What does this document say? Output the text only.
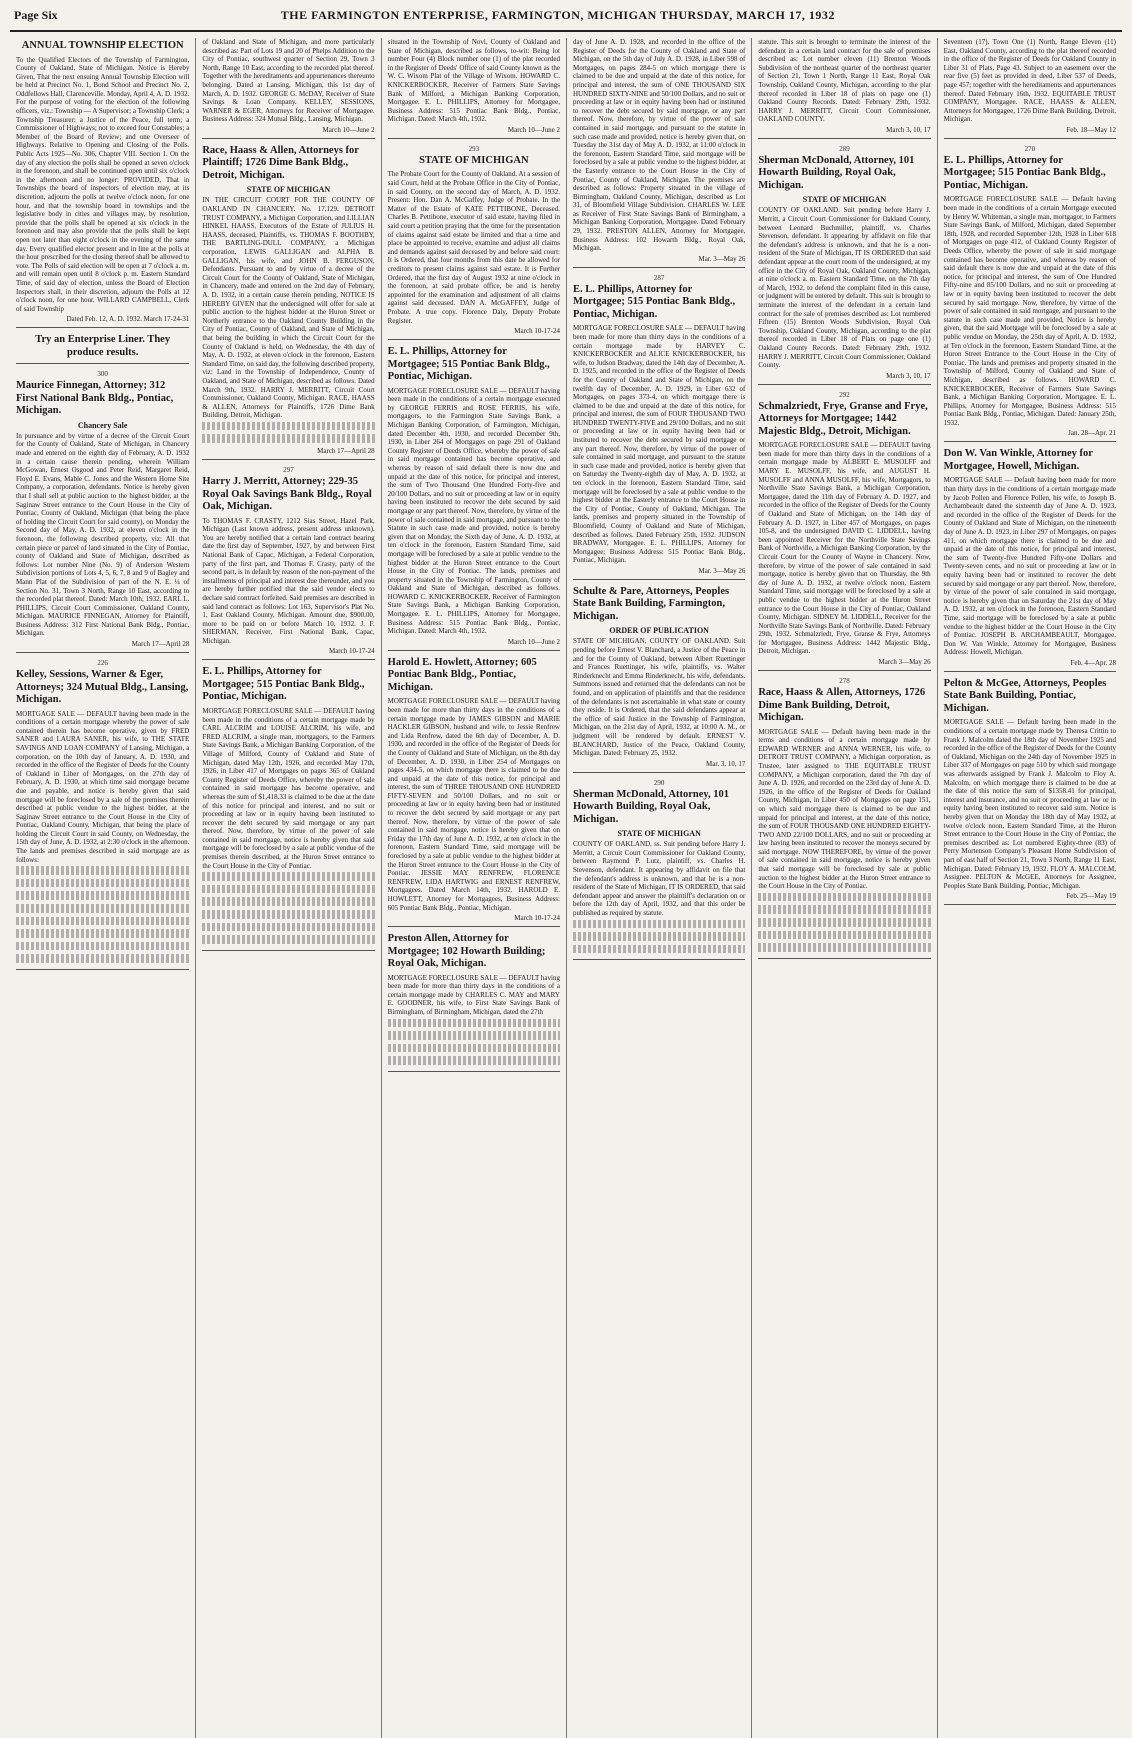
Page Six	THE FARMINGTON ENTERPRISE, FARMINGTON, MICHIGAN THURSDAY, MARCH 17, 1932
ANNUAL TOWNSHIP ELECTION
To the Qualified Electors of the Township of Farmington, County of Oakland, State of Michigan. Notice is Hereby Given, That the next ensuing Annual Township Election will be held at Precinct No. 1, Bond School and Precinct No. 2, Oddfellows Hall, Clarenceville. Monday, April 4, A. D. 1932. For the purpose of voting for the election of the following officers, viz.: Township — A Supervisor; a Township Clerk; a Township Treasurer; a Justice of the Peace, full term; a Commissioner of Highways; not to exceed four Constables; a Member of the Board of Review; and one Overseer of Highways. Relative to Opening and Closing of the Polls. Public Acts 1925—No. 306, Chapter VIII. Section 1. On the day of any election the polls shall be opened at seven o'clock in the forenoon, and shall be continued open until six o'clock in the afternoon and no longer: PROVIDED, That in Townships the board of inspectors of election may, at its discretion, adjourn the polls at twelve o'clock noon, for one hour, and that the township board in townships and the legislative body in cities and villages may, by resolution, provide that the polls shall be opened at six o'clock in the forenoon and may also provide that the polls shall be kept open not later than eight o'clock in the evening of the same day. Every qualified elector present and in line at the polls at the hour prescribed for the closing thereof shall be allowed to vote. The Polls of said election will be open at 7 o'clock a. m. and will remain open until 8 o'clock p. m. Eastern Standard Time, of said day of election, unless the Board of Election Inspectors shall, in their discretion, adjourn the Polls at 12 o'clock noon, for one hour. WILLARD CAMPBELL, Clerk of said Township
Dated Feb. 12, A. D. 1932. March 17-24-31
Try an Enterprise Liner. They produce results.
300
Maurice Finnegan, Attorney; 312 First National Bank Bldg., Pontiac, Michigan.
Chancery Sale
In pursuance and by virtue of a decree of the Circuit Court for the County of Oakland, State of Michigan, in Chancery made and entered on the eighth day of February, A. D. 1932 in a certain cause therein pending, wherein William McGowan, Ernest Osgood and Peter Reid, Margaret Reid, Floyd E. Evans, Mable C. Jones and the Western Home Site Company, a corporation, defendants. Notice is hereby given that I shall sell at public auction to the highest bidder, at the Saginaw Street entrance to the Court House in the City of Pontiac, County of Oakland, Michigan (that being the place of holding the Circuit Court for said county), on Monday the Second day of May, A. D. 1932, at eleven o'clock in the forenoon, the following described property, viz: All that certain piece or parcel of land situated in the City of Pontiac, county of Oakland and State of Michigan, described as follows: Lot number Nine (No. 9) of Anderson Western Subdivision portions of Lots 4, 5, 6, 7, 8 and 9 of Bagley and Mann Plat of the Subdivision of part of the N. E. ¼ of Section No. 31, Town 3 North, Range 10 East, according to the recorded plat thereof. Dated: March 10th, 1932. EARL L. PHILLIPS, Circuit Court Commissioner, Oakland County, Michigan. MAURICE FINNEGAN, Attorney for Plaintiff, Business Address: 312 First National Bank Bldg., Pontiac, Michigan.
March 17—April 28
226
Kelley, Sessions, Warner & Eger, Attorneys; 324 Mutual Bldg., Lansing, Michigan.
MORTGAGE SALE — DEFAULT having been made in the conditions of a certain mortgage whereby the power of sale contained therein has become operative, given by FRED SANER and LAURA SANER, his wife, to THE STATE SAVINGS AND LOAN COMPANY of Lansing, Michigan, a corporation, on the 10th day of January, A. D. 1930, and recorded in the office of the Register of Deeds for the County of Oakland in Liber of Mortgages, on the 27th day of February, A. D. 1930, at which time said mortgage became due and payable, and notice is hereby given that said mortgage will be foreclosed by a sale of the premises therein described at public vendue to the highest bidder, at the Saginaw Street entrance to the Court House in the City of Pontiac, Oakland County, Michigan, that being the place of holding the Circuit Court in said County, on Wednesday, the 15th day of June, A. D. 1932, at 2:30 o'clock in the afternoon. The lands and premises described in said mortgage are as follows:
of Oakland and State of Michigan, and more particularly described as: Part of Lots 19 and 20 of Phelps Addition to the City of Pontiac, southwest quarter of Section 29, Town 3 North, Range 10 East, according to the recorded plat thereof. Together with the hereditaments and appurtenances thereunto belonging. Dated at Lansing, Michigan, this 1st day of March, A. D. 1932. GEORGE G. McDAY, Receiver of State Savings & Loan Company. KELLEY, SESSIONS, WARNER & EGER, Attorneys for Receiver of Mortgagee. Business Address: 324 Mutual Bldg., Lansing, Michigan.
March 10—June 2
Race, Haass & Allen, Attorneys for Plaintiff; 1726 Dime Bank Bldg., Detroit, Michigan.
STATE OF MICHIGAN
IN THE CIRCUIT COURT FOR THE COUNTY OF OAKLAND IN CHANCERY. No. 17,129. DETROIT TRUST COMPANY, a Michigan Corporation, and LILLIAN HINKEL HAASS, Executors of the Estate of JULIUS H. HAASS, deceased, Plaintiffs, vs. THOMAS F. BOOTHBY, THE BARTLING-DULL COMPANY, a Michigan corporation, LEWIS GALLIGAN and ALPHA B. GALLIGAN, his wife, and JOHN B. FERGUSON, Defendants. Pursuant to and by virtue of a decree of the Circuit Court for the County of Oakland, State of Michigan, in Chancery, made and entered on the 2nd day of February, A. D. 1932, in a certain cause therein pending, NOTICE IS HEREBY GIVEN that the undersigned will offer for sale at public auction to the highest bidder at the Huron Street or Northerly entrance to the Oakland County Building in the City of Pontiac, County of Oakland, and State of Michigan, that being the building in which the Circuit Court for the County of Oakland is held, on Wednesday, the 4th day of May, A. D. 1932, at eleven o'clock in the forenoon, Eastern Standard Time, on said day, the following described property, viz: Land in the Township of Independence, County of Oakland, and State of Michigan, described as follows. Dated March 9th, 1932. HARRY J. MERRITT, Circuit Court Commissioner, Oakland County, Michigan. RACE, HAASS & ALLEN, Attorneys for Plaintiffs, 1726 Dime Bank Building, Detroit, Michigan.
March 17—April 28
297
Harry J. Merritt, Attorney; 229-35 Royal Oak Savings Bank Bldg., Royal Oak, Michigan.
To THOMAS F. CRASTY, 1212 Sias Street, Hazel Park, Michigan (Last known address, present address unknown). You are hereby notified that a certain land contract bearing date the first day of September, 1927, by and between First National Bank of Capac, Michigan, a Federal Corporation, party of the first part, and Thomas F. Crasty, party of the second part, is in default by reason of the non-payment of the installments of principal and interest due thereunder, and you are hereby further notified that the said vendor elects to declare said contract forfeited. Said premises are described in said land contract as follows: Lot 163, Supervisor's Plat No. 1, East Oakland County, Michigan. Amount due, $900.00, more to be paid on or before March 10, 1932. J. F. SHERMAN, Receiver, First National Bank, Capac, Michigan.
March 10-17-24
E. L. Phillips, Attorney for Mortgagee; 515 Pontiac Bank Bldg., Pontiac, Michigan.
MORTGAGE FORECLOSURE SALE — DEFAULT having been made in the conditions of a certain mortgage made by CARL ALCRIM and LOUISE ALCRIM, his wife, and FRED ALCRIM, a single man, mortgagors, to the Farmers State Savings Bank, a Michigan Banking Corporation, of the Village of Milford, County of Oakland and State of Michigan, dated May 12th, 1926, and recorded May 17th, 1926, in Liber 417 of Mortgages on pages 365 of Oakland County Register of Deeds Office, whereby the power of sale contained in said mortgage has become operative, and whereas the sum of $1,418.33 is claimed to be due at the date of this notice for principal and interest, and no suit or proceeding at law or in equity having been instituted to recover the debt secured by said mortgage or any part thereof. Now, therefore, by virtue of the power of sale contained in said mortgage, notice is hereby given that said mortgage will be foreclosed by a sale at public vendue of the premises therein described, at the Huron Street entrance to the Court House in the City of Pontiac.
situated in the Township of Novi, County of Oakland and State of Michigan, described as follows, to-wit: Being lot number Four (4) Block number one (1) of the plat recorded in the Register of Deeds' Office of said County known as the W. C. Wixom Plat of the Village of Wixom. HOWARD C. KNICKERBOCKER, Receiver of Farmers State Savings Bank of Milford, a Michigan Banking Corporation, Mortgagee. E. L. PHILLIPS, Attorney for Mortgagee, Business Address: 515 Pontiac Bank Bldg., Pontiac, Michigan. Dated: March 4th, 1932.
March 10—June 2
293
STATE OF MICHIGAN
The Probate Court for the County of Oakland. At a session of said Court, held at the Probate Office in the City of Pontiac, in said County, on the second day of March, A. D. 1932. Present: Hon. Dan A. McGaffey, Judge of Probate. In the Matter of the Estate of KATE PETTIBONE, Deceased. Charles B. Pettibone, executor of said estate, having filed in said court a petition praying that the time for the presentation of claims against said estate be limited and that a time and place be appointed to receive, examine and adjust all claims and demands against said deceased by and before said court: It is Ordered, that four months from this date be allowed for creditors to present claims against said estate. It is Further Ordered, that the first day of August 1932 at nine o'clock in the forenoon, at said probate office, be and is hereby appointed for the examination and adjustment of all claims against said deceased. DAN A. McGAFFEY, Judge of Probate. A true copy. Florence Daly, Deputy Probate Register.
March 10-17-24
E. L. Phillips, Attorney for Mortgagee; 515 Pontiac Bank Bldg., Pontiac, Michigan.
MORTGAGE FORECLOSURE SALE — DEFAULT having been made in the conditions of a certain mortgage executed by GEORGE FERRIS and ROSE FERRIS, his wife, mortgagors, to the Farmington State Savings Bank, a Michigan Banking Corporation, of Farmington, Michigan, dated December 4th, 1930, and recorded December 9th, 1930, in Liber 264 of Mortgages on page 291 of Oakland County Register of Deeds Office, whereby the power of sale in said mortgage contained has become operative, and whereas by reason of said default there is now due and unpaid at the date of this notice, for principal and interest, the sum of Two Thousand One Hundred Forty-five and 20/100 Dollars, and no suit or proceeding at law or in equity having been instituted to recover the debt secured by said mortgage or any part thereof. Now, therefore, by virtue of the power of sale contained in said mortgage, and pursuant to the Statute in such case made and provided, notice is hereby given that on Monday, the Sixth day of June, A. D. 1932, at ten o'clock in the forenoon, Eastern Standard Time, said mortgage will be foreclosed by a sale at public vendue to the highest bidder at the Huron Street entrance to the Court House in the City of Pontiac. The lands, premises and property situated in the Township of Farmington, County of Oakland and State of Michigan, described as follows. HOWARD C. KNICKERBOCKER, Receiver of Farmington State Savings Bank, a Michigan Banking Corporation, Mortgagee. E. L. PHILLIPS, Attorney for Mortgagee, Business Address: 515 Pontiac Bank Bldg., Pontiac, Michigan. Dated: March 4th, 1932.
March 10—June 2
Harold E. Howlett, Attorney; 605 Pontiac Bank Bldg., Pontiac, Michigan.
MORTGAGE FORECLOSURE SALE — DEFAULT having been made for more than thirty days in the conditions of a certain mortgage made by JAMES GIBSON and MARIE HACKLER GIBSON, husband and wife, to Jessie Renfrew and Lida Renfrew, dated the 6th day of December, A. D. 1930, and recorded in the office of the Register of Deeds for the County of Oakland and State of Michigan, on the 8th day of December, A. D. 1930, in Liber 254 of Mortgages on pages 434-5, on which mortgage there is claimed to be due and unpaid at the date of this notice, for principal and interest, the sum of THREE THOUSAND ONE HUNDRED FIFTY-SEVEN and 50/100 Dollars, and no suit or proceeding at law or in equity having been had or instituted to recover the debt secured by said mortgage or any part thereof. Now, therefore, by virtue of the power of sale contained in said mortgage, notice is hereby given that on Friday the 17th day of June A. D. 1932, at ten o'clock in the forenoon, Eastern Standard Time, said mortgage will be foreclosed by a sale at public vendue to the highest bidder at the Huron Street entrance to the Court House in the City of Pontiac. JESSIE MAY RENFREW, FLORENCE RENFREW, LIDA HARTWIG and ERNEST RENFREW, Mortgagees. Dated March 14th, 1932. HAROLD E. HOWLETT, Attorney for Mortgagees, Business Address: 605 Pontiac Bank Bldg., Pontiac, Michigan.
March 10-17-24
Preston Allen, Attorney for Mortgagee; 102 Howarth Building; Royal Oak, Michigan.
MORTGAGE FORECLOSURE SALE — DEFAULT having been made for more than thirty days in the conditions of a certain mortgage made by CHARLES C. MAY and MARY E. GOODNER, his wife, to First State Savings Bank of Birmingham, of Birmingham, Michigan, dated the 27th
day of June A. D. 1928, and recorded in the office of the Register of Deeds for the County of Oakland and State of Michigan, on the 5th day of July A. D. 1928, in Liber 598 of Mortgages, on pages 284-5 on which mortgage there is claimed to be due and unpaid at the date of this notice, for principal and interest, the sum of ONE THOUSAND SIX HUNDRED SIXTY-NINE and 50/100 Dollars, and no suit or proceeding at law or in equity having been had or instituted to recover the debt secured by said mortgage, or any part thereof. Now, therefore, by virtue of the power of sale contained in said mortgage, and pursuant to the statute in such case made and provided, notice is hereby given that, on Tuesday the 31st day of May A. D. 1932, at 11:00 o'clock in the forenoon, Eastern Standard Time, said mortgage will be foreclosed by a sale at public vendue to the highest bidder, at the Easterly entrance to the Court House in the City of Pontiac, County of Oakland, Michigan. The premises are described as follows: Property situated in the village of Birmingham, Oakland County, Michigan, described as Lot 31, of Bloomfield Village Subdivision. CHARLES W. LEE as Receiver of First State Savings Bank of Birmingham, a Michigan Banking Corporation, Mortgagee. Dated February 29, 1932. PRESTON ALLEN, Attorney for Mortgagee, Business Address: 102 Howarth Bldg., Royal Oak, Michigan.
Mar. 3—May 26
287
E. L. Phillips, Attorney for Mortgagee; 515 Pontiac Bank Bldg., Pontiac, Michigan.
MORTGAGE FORECLOSURE SALE — DEFAULT having been made for more than thirty days in the conditions of a certain mortgage made by HARVEY C. KNICKERBOCKER and ALICE KNICKERBOCKER, his wife, to Judson Bradway, dated the 14th day of December, A. D. 1925, and recorded in the office of the Register of Deeds for the County of Oakland and State of Michigan, on the twelfth day of December, A. D. 1929, in Liber 632 of Mortgages, on pages 373-4, on which mortgage there is claimed to be due and unpaid at the date of this notice, for principal and interest, the sum of FOUR THOUSAND TWO HUNDRED TWENTY-FIVE and 29/100 Dollars, and no suit or proceeding at law or in equity having been had or instituted to recover the debt secured by said mortgage or any part thereof. Now, therefore, by virtue of the power of sale contained in said mortgage, and pursuant to the statute in such case made and provided, notice is hereby given that on Saturday the Twenty-eighth day of May, A. D. 1932, at ten o'clock in the forenoon, Eastern Standard Time, said mortgage will be foreclosed by a sale at public vendue to the highest bidder at the Easterly entrance to the Court House in the City of Pontiac, County of Oakland, Michigan. The lands, premises and property situated in the Township of Bloomfield, County of Oakland and State of Michigan, described as follows. Dated February 25th, 1932. JUDSON BRADWAY, Mortgagee. E. L. PHILLIPS, Attorney for Mortgagee; Business Address: 515 Pontiac Bank Bldg., Pontiac, Michigan.
Mar. 3—May 26
Schulte & Pare, Attorneys, Peoples State Bank Building, Farmington, Michigan.
ORDER OF PUBLICATION
STATE OF MICHIGAN, COUNTY OF OAKLAND. Suit pending before Ernest V. Blanchard, a Justice of the Peace in and for the County of Oakland, between Albert Ruettinger and Frances Ruettinger, his wife, plaintiffs, vs. Walter Rinderknecht and Emma Rinderknecht, his wife, defendants. Summons issued and returned that the defendants can not be found, and on application of plaintiffs and that the residence of the defendants is not ascertainable in what state or county they reside. It is Ordered, that the said defendants appear at the office of said Justice in the Township of Farmington, Michigan, on the 21st day of April, 1932, at 10:00 A. M., or judgment will be rendered by default. ERNEST V. BLANCHARD, Justice of the Peace, Oakland County, Michigan. Dated: February 25, 1932.
Mar. 3, 10, 17
290
Sherman McDonald, Attorney, 101 Howarth Building, Royal Oak, Michigan.
STATE OF MICHIGAN
COUNTY OF OAKLAND, ss. Suit pending before Harry J. Merritt, a Circuit Court Commissioner for Oakland County, between Raymond P. Lutz, plaintiff, vs. Charles H. Stevenson, defendant. It appearing by affidavit on file that the defendant's address is unknown, and that he is a non-resident of the State of Michigan, IT IS ORDERED, that said defendant appear and answer the plaintiff's declaration on or before the 12th day of April, 1932, and that this order be published as required by statute.
statute. This suit is brought to terminate the interest of the defendant in a certain land contract for the sale of premises described as: Lot number eleven (11) Brenton Woods Subdivision of the northeast quarter of the northeast quarter of Section 21, Town 1 North, Range 11 East, Royal Oak Township, Oakland County, Michigan, according to the plat thereof recorded in Liber 18 of plats on page one (1) Oakland County Records. Dated: February 29th, 1932. HARRY J. MERRITT, Circuit Court Commissioner, OAKLAND COUNTY.
March 3, 10, 17
289
Sherman McDonald, Attorney, 101 Howarth Building, Royal Oak, Michigan.
STATE OF MICHIGAN
COUNTY OF OAKLAND. Suit pending before Harry J. Merritt, a Circuit Court Commissioner for Oakland County, between Leonard Buchmiller, plaintiff, vs. Charles Stevenson, defendant. It appearing by affidavit on file that the defendant's address is unknown, and that he is a non-resident of the State of Michigan, IT IS ORDERED that said defendant appear at the court room of the undersigned, at my office in the City of Royal Oak, Oakland County, Michigan, at nine o'clock a. m. Eastern Standard Time, on the 7th day of March, 1932, to defend the complaint filed in this cause, or judgment will be entered by default. This suit is brought to terminate the interest of the defendant in a certain land contract for the sale of premises described as: Lot numbered Fifteen (15) Brenton Woods Subdivision, Royal Oak Township, Oakland County, Michigan, according to the plat thereof recorded in Liber 18 of Plats on page one (1) Oakland County Records. Dated: February 29th, 1932. HARRY J. MERRITT, Circuit Court Commissioner, Oakland County.
March 3, 10, 17
292
Schmalzriedt, Frye, Granse and Frye, Attorneys for Mortgagee; 1442 Majestic Bldg., Detroit, Michigan.
MORTGAGE FORECLOSURE SALE — DEFAULT having been made for more than thirty days in the conditions of a certain mortgage made by ALBERT E. MUSOLFF and MARY E. MUSOLFF, his wife, and AUGUST H. MUSOLFF and ANNA MUSOLFF, his wife, Mortgagors, to Northville State Savings Bank, a Michigan Corporation, Mortgagee, dated the 11th day of February A. D. 1927, and recorded in the office of the Register of Deeds for the County of Oakland and State of Michigan, on the 14th day of February A. D. 1927, in Liber 457 of Mortgages, on pages 105-8, and the undersigned DAVID C. LIDDELL, having been appointed Receiver for the Northville State Savings Bank of Northville, a Michigan Banking Corporation, by the Circuit Court for the County of Wayne in Chancery. Now, therefore, by virtue of the power of sale contained in said mortgage, notice is hereby given that on Thursday, the 9th day of June A. D. 1932, at twelve o'clock noon, Eastern Standard Time, said mortgage will be foreclosed by a sale at public vendue to the highest bidder at the Huron Street entrance to the Court House in the City of Pontiac, Oakland County, Michigan. SIDNEY M. LIDDELL, Receiver for the Northville State Savings Bank of Northville. Dated: February 29th, 1932. Schmalzriedt, Frye, Granse & Frye, Attorneys for Mortgagee, Business Address: 1442 Majestic Bldg., Detroit, Michigan.
March 3—May 26
278
Race, Haass & Allen, Attorneys, 1726 Dime Bank Building, Detroit, Michigan.
MORTGAGE SALE — Default having been made in the terms and conditions of a certain mortgage made by EDWARD WERNER and ANNA WERNER, his wife, to DETROIT TRUST COMPANY, a Michigan corporation, as Trustee, later assigned to THE EQUITABLE TRUST COMPANY, a Michigan corporation, dated the 7th day of June A. D. 1926, and recorded on the 23rd day of June A. D. 1926, in the office of the Register of Deeds for Oakland County, Michigan, in Liber 450 of Mortgages on page 151, on which said mortgage there is claimed to be due and unpaid for principal and interest, at the date of this notice, the sum of FOUR THOUSAND ONE HUNDRED EIGHTY-TWO AND 22/100 DOLLARS, and no suit or proceeding at law having been instituted to recover the moneys secured by said mortgage. NOW THEREFORE, by virtue of the power of sale contained in said mortgage, notice is hereby given that said mortgage will be foreclosed by sale at public auction to the highest bidder at the Huron Street entrance to the Court House in the City of Pontiac.
Seventeen (17), Town One (1) North, Range Eleven (11) East, Oakland County, according to the plat thereof recorded in the office of the Register of Deeds for Oakland County in Liber 31 of Plats, Page 43. Subject to an easement over the rear five (5) feet as provided in deed, Liber 537 of Deeds, page 457; together with the hereditaments and appurtenances thereof. Dated February 16th, 1932. EQUITABLE TRUST COMPANY, Mortgagee. RACE, HAASS & ALLEN, Attorneys for Mortgagee, 1726 Dime Bank Building, Detroit, Michigan.
Feb. 18—May 12
270
E. L. Phillips, Attorney for Mortgagee; 515 Pontiac Bank Bldg., Pontiac, Michigan.
MORTGAGE FORECLOSURE SALE — Default having been made in the conditions of a certain Mortgage executed by Henry W. Whiteman, a single man, mortgagor, to Farmers State Savings Bank, of Milford, Michigan, dated September 18th, 1928, and recorded September 12th, 1928 in Liber 618 of Mortgages on page 412, of Oakland County Register of Deeds Office, whereby the power of sale in said mortgage contained has become operative, and whereas by reason of said default there is now due and unpaid at the date of this notice, for principal and interest, the sum of One Hundred Fifty-nine and 85/100 Dollars, and no suit or proceeding at law or in equity having been instituted to recover the debt secured by said mortgage. Now, therefore, by virtue of the power of sale contained in said mortgage, and pursuant to the statute in such case made and provided, Notice is hereby given, that the said Mortgage will be foreclosed by a sale at public vendue on Monday, the 25th day of April, A. D. 1932, at Ten o'clock in the forenoon, Eastern Standard Time, at the Huron Street Entrance to the Court House in the City of Pontiac. The lands and premises and property situated in the Township of Milford, County of Oakland and State of Michigan, described as follows. HOWARD C. KNICKERBOCKER, Receiver of Farmers State Savings Bank, a Michigan Banking Corporation, Mortgagee. E. L. Phillips, Attorney for Mortgagee, Business Address: 515 Pontiac Bank Bldg., Pontiac, Michigan. Dated: January 25th, 1932.
Jan. 28—Apr. 21
Don W. Van Winkle, Attorney for Mortgagee, Howell, Michigan.
MORTGAGE SALE — Default having been made for more than thirty days in the conditions of a certain mortgage made by Jacob Pollen and Florence Pollen, his wife, to Joseph B. Archambeault dated the sixteenth day of June A. D. 1923, and recorded in the office of the Register of Deeds for the County of Oakland and State of Michigan, on the nineteenth day of June A. D. 1923, in Liber 297 of Mortgages, on pages 411, on which mortgage there is claimed to be due and unpaid at the date of this notice, for principal and interest, the sum of Twenty-five Hundred Fifty-one Dollars and Twenty-seven cents, and no suit or proceeding at law or in equity having been had or instituted to recover the debt secured by said mortgage or any part thereof. Now, therefore, by virtue of the power of sale contained in said mortgage, notice is hereby given that on Saturday the 21st day of May A. D. 1932, at ten o'clock in the forenoon, Eastern Standard Time, said mortgage will be foreclosed by a sale at public vendue to the highest bidder at the Court House in the City of Pontiac. JOSEPH B. ARCHAMBEAULT, Mortgagee. Don W. Van Winkle, Attorney for Mortgagee, Business Address: Howell, Michigan.
Feb. 4—Apr. 28
Pelton & McGee, Attorneys, Peoples State Bank Building, Pontiac, Michigan.
MORTGAGE SALE — Default having been made in the conditions of a certain mortgage made by Theresa Crittin to Frank J. Malcolm dated the 18th day of November 1925 and recorded in the office of the Register of Deeds for the County of Oakland, Michigan on the 24th day of November 1925 in Liber 337 of Mortgages on page 510 by which said mortgage was afterwards assigned by Frank J. Malcolm to Floy A. Malcolm, on which mortgage there is claimed to be due at the date of this notice the sum of $1358.41 for principal, interest and insurance, and no suit or proceeding at law or in equity having been instituted to recover said sum. Notice is hereby given that on Monday the 18th day of May 1932, at twelve o'clock noon, Eastern Standard Time, at the Huron Street entrance to the Court House in the City of Pontiac, the premises described as: Lot numbered Eighty-three (83) of Perry Mortenson Company's Pleasant Home Subdivision of part of east half of Section 21, Town 3 North, Range 11 East, Michigan. Dated: February 19, 1932. FLOY A. MALCOLM, Assignee. PELTON & McGEE, Attorneys for Assignee, Peoples State Bank Building, Pontiac, Michigan.
Feb. 25—May 19
